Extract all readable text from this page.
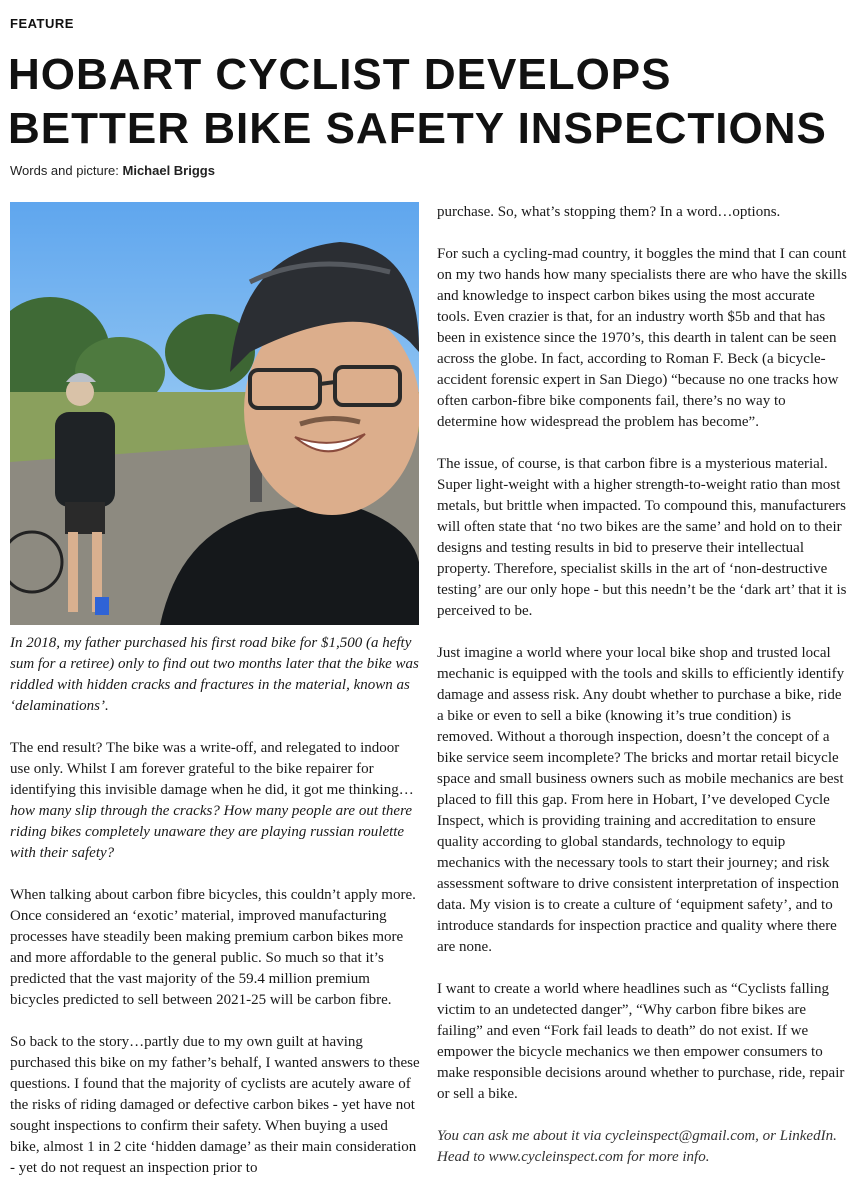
FEATURE
HOBART CYCLIST DEVELOPS BETTER BIKE SAFETY INSPECTIONS
Words and picture: Michael Briggs

In 2018, my father purchased his first road bike for $1,500 (a hefty sum for a retiree) only to find out two months later that the bike was riddled with hidden cracks and fractures in the material, known as ‘delaminations’.

The end result? The bike was a write-off, and relegated to indoor use only. Whilst I am forever grateful to the bike repairer for identifying this invisible damage when he did, it got me thinking…how many slip through the cracks? How many people are out there riding bikes completely unaware they are playing russian roulette with their safety?

When talking about carbon fibre bicycles, this couldn’t apply more. Once considered an ‘exotic’ material, improved manufacturing processes have steadily been making premium carbon bikes more and more affordable to the general public. So much so that it’s predicted that the vast majority of the 59.4 million premium bicycles predicted to sell between 2021-25 will be carbon fibre.

So back to the story…partly due to my own guilt at having purchased this bike on my father’s behalf, I wanted answers to these questions. I found that the majority of cyclists are acutely aware of the risks of riding damaged or defective carbon bikes - yet have not sought inspections to confirm their safety. When buying a used bike, almost 1 in 2 cite ‘hidden damage’ as their main consideration - yet do not request an inspection prior to

purchase. So, what’s stopping them? In a word…options.

For such a cycling-mad country, it boggles the mind that I can count on my two hands how many specialists there are who have the skills and knowledge to inspect carbon bikes using the most accurate tools. Even crazier is that, for an industry worth $5b and that has been in existence since the 1970’s, this dearth in talent can be seen across the globe. In fact, according to Roman F. Beck (a bicycle-accident forensic expert in San Diego) “because no one tracks how often carbon-fibre bike components fail, there’s no way to determine how widespread the problem has become”.

The issue, of course, is that carbon fibre is a mysterious material. Super light-weight with a higher strength-to-weight ratio than most metals, but brittle when impacted. To compound this, manufacturers will often state that ‘no two bikes are the same’ and hold on to their designs and testing results in bid to preserve their intellectual property. Therefore, specialist skills in the art of ‘non-destructive testing’ are our only hope - but this needn’t be the ‘dark art’ that it is perceived to be.

Just imagine a world where your local bike shop and trusted local mechanic is equipped with the tools and skills to efficiently identify damage and assess risk. Any doubt whether to purchase a bike, ride a bike or even to sell a bike (knowing it’s true condition) is removed. Without a thorough inspection, doesn’t the concept of a bike service seem incomplete? The bricks and mortar retail bicycle space and small business owners such as mobile mechanics are best placed to fill this gap. From here in Hobart, I’ve developed Cycle Inspect, which is providing training and accreditation to ensure quality according to global standards, technology to equip mechanics with the necessary tools to start their journey; and risk assessment software to drive consistent interpretation of inspection data. My vision is to create a culture of ‘equipment safety’, and to introduce standards for inspection practice and quality where there are none.

I want to create a world where headlines such as “Cyclists falling victim to an undetected danger”, “Why carbon fibre bikes are failing” and even “Fork fail leads to death” do not exist. If we empower the bicycle mechanics we then empower consumers to make responsible decisions around whether to purchase, ride, repair or sell a bike.

You can ask me about it via cycleinspect@gmail.com, or LinkedIn. Head to www.cycleinspect.com for more info.
